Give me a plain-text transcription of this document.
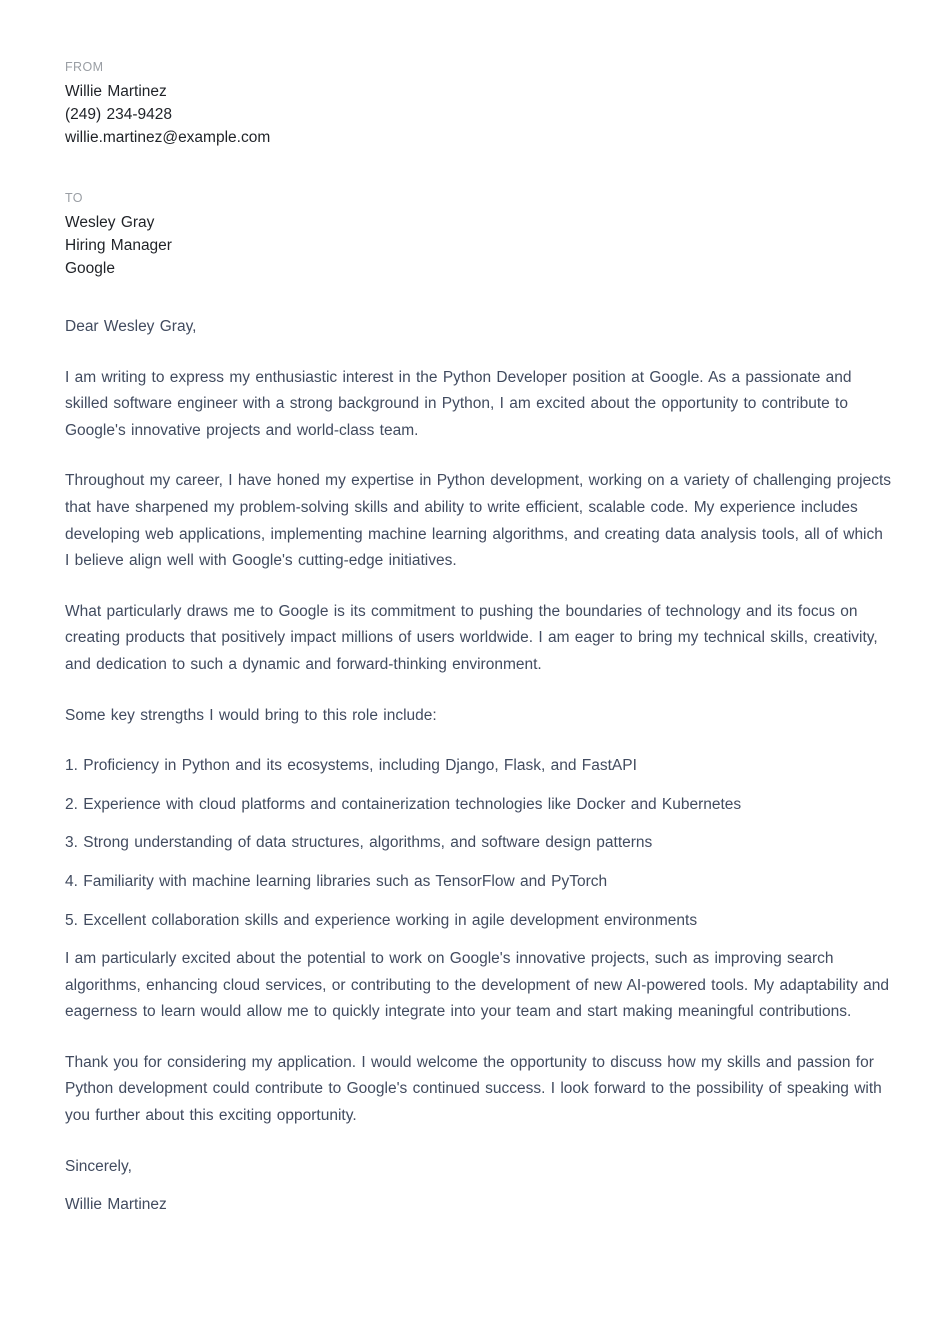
FROM
Willie Martinez
(249) 234-9428
willie.martinez@example.com
TO
Wesley Gray
Hiring Manager
Google

Dear Wesley Gray,

I am writing to express my enthusiastic interest in the Python Developer position at Google. As a passionate and skilled software engineer with a strong background in Python, I am excited about the opportunity to contribute to Google's innovative projects and world-class team.

Throughout my career, I have honed my expertise in Python development, working on a variety of challenging projects that have sharpened my problem-solving skills and ability to write efficient, scalable code. My experience includes developing web applications, implementing machine learning algorithms, and creating data analysis tools, all of which I believe align well with Google's cutting-edge initiatives.

What particularly draws me to Google is its commitment to pushing the boundaries of technology and its focus on creating products that positively impact millions of users worldwide. I am eager to bring my technical skills, creativity, and dedication to such a dynamic and forward-thinking environment.

Some key strengths I would bring to this role include:

1. Proficiency in Python and its ecosystems, including Django, Flask, and FastAPI

2. Experience with cloud platforms and containerization technologies like Docker and Kubernetes

3. Strong understanding of data structures, algorithms, and software design patterns

4. Familiarity with machine learning libraries such as TensorFlow and PyTorch

5. Excellent collaboration skills and experience working in agile development environments

I am particularly excited about the potential to work on Google's innovative projects, such as improving search algorithms, enhancing cloud services, or contributing to the development of new AI-powered tools. My adaptability and eagerness to learn would allow me to quickly integrate into your team and start making meaningful contributions.

Thank you for considering my application. I would welcome the opportunity to discuss how my skills and passion for Python development could contribute to Google's continued success. I look forward to the possibility of speaking with you further about this exciting opportunity.

Sincerely,

Willie Martinez
